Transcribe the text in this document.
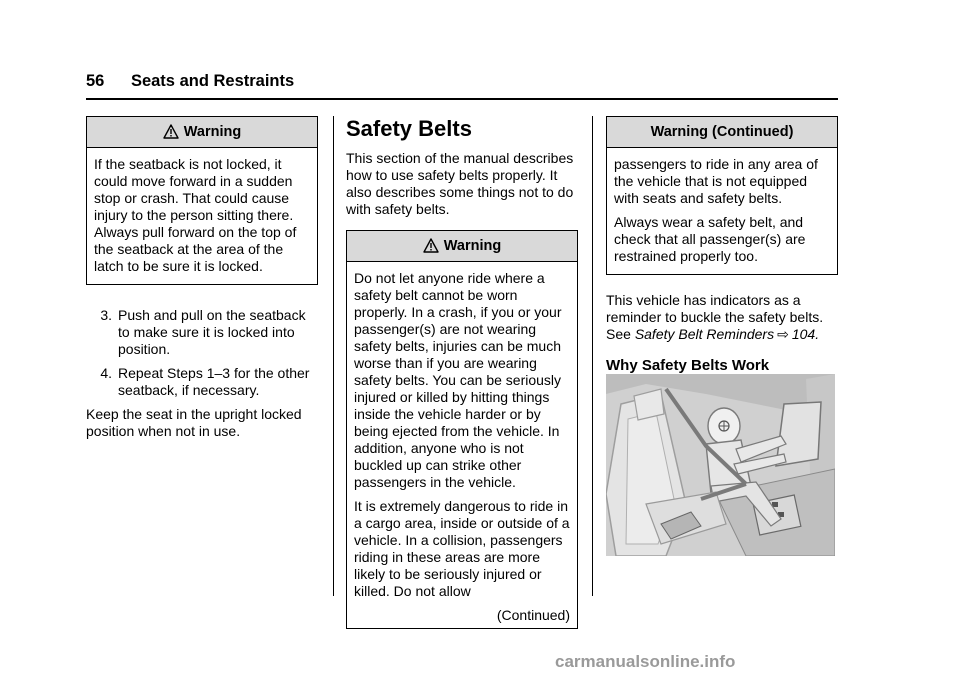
56 Seats and Restraints
Warning

If the seatback is not locked, it could move forward in a sudden stop or crash. That could cause injury to the person sitting there. Always pull forward on the top of the seatback at the area of the latch to be sure it is locked.

3. Push and pull on the seatback to make sure it is locked into position.
4. Repeat Steps 1–3 for the other seatback, if necessary.

Keep the seat in the upright locked position when not in use.

Safety Belts

This section of the manual describes how to use safety belts properly. It also describes some things not to do with safety belts.

Warning

Do not let anyone ride where a safety belt cannot be worn properly. In a crash, if you or your passenger(s) are not wearing safety belts, injuries can be much worse than if you are wearing safety belts. You can be seriously injured or killed by hitting things inside the vehicle harder or by being ejected from the vehicle. In addition, anyone who is not buckled up can strike other passengers in the vehicle.

It is extremely dangerous to ride in a cargo area, inside or outside of a vehicle. In a collision, passengers riding in these areas are more likely to be seriously injured or killed. Do not allow

(Continued)
Warning (Continued)

passengers to ride in any area of the vehicle that is not equipped with seats and safety belts.

Always wear a safety belt, and check that all passenger(s) are restrained properly too.

This vehicle has indicators as a reminder to buckle the safety belts. See Safety Belt Reminders ⇨ 104.

Why Safety Belts Work
carmanualsonline.info
